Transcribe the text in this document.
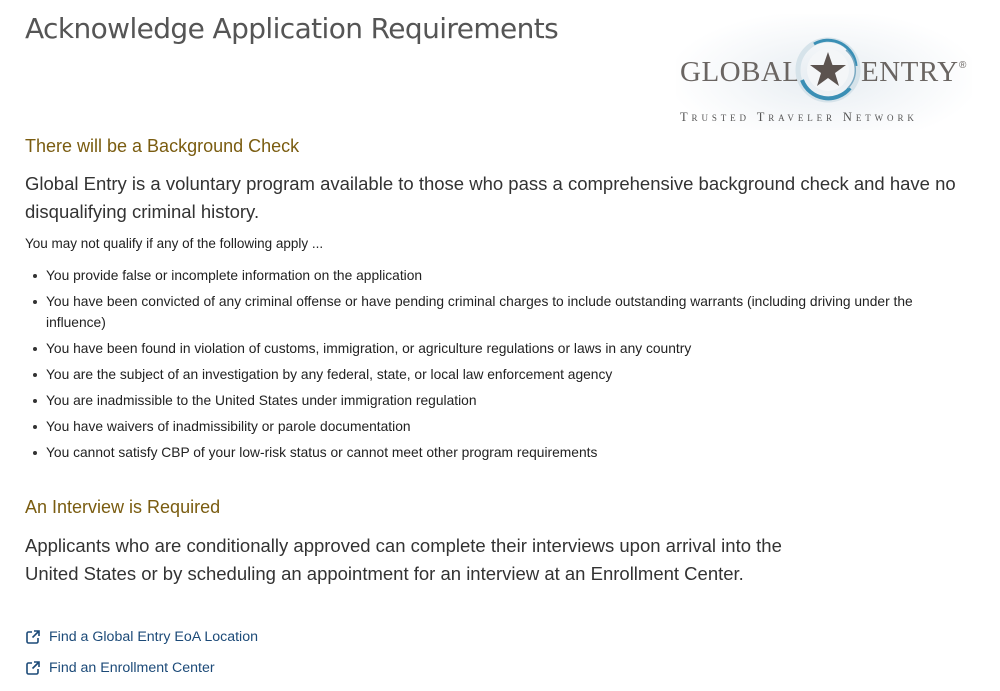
Acknowledge Application Requirements
GLOBAL ENTRY ®
Trusted Traveler Network
There will be a Background Check

Global Entry is a voluntary program available to those who pass a comprehensive background check and have no disqualifying criminal history.

You may not qualify if any of the following apply ...

You provide false or incomplete information on the application
You have been convicted of any criminal offense or have pending criminal charges to include outstanding warrants (including driving under the influence)
You have been found in violation of customs, immigration, or agriculture regulations or laws in any country
You are the subject of an investigation by any federal, state, or local law enforcement agency
You are inadmissible to the United States under immigration regulation
You have waivers of inadmissibility or parole documentation
You cannot satisfy CBP of your low-risk status or cannot meet other program requirements
An Interview is Required

Applicants who are conditionally approved can complete their interviews upon arrival into the United States or by scheduling an appointment for an interview at an Enrollment Center.

Find a Global Entry EoA Location
Find an Enrollment Center
